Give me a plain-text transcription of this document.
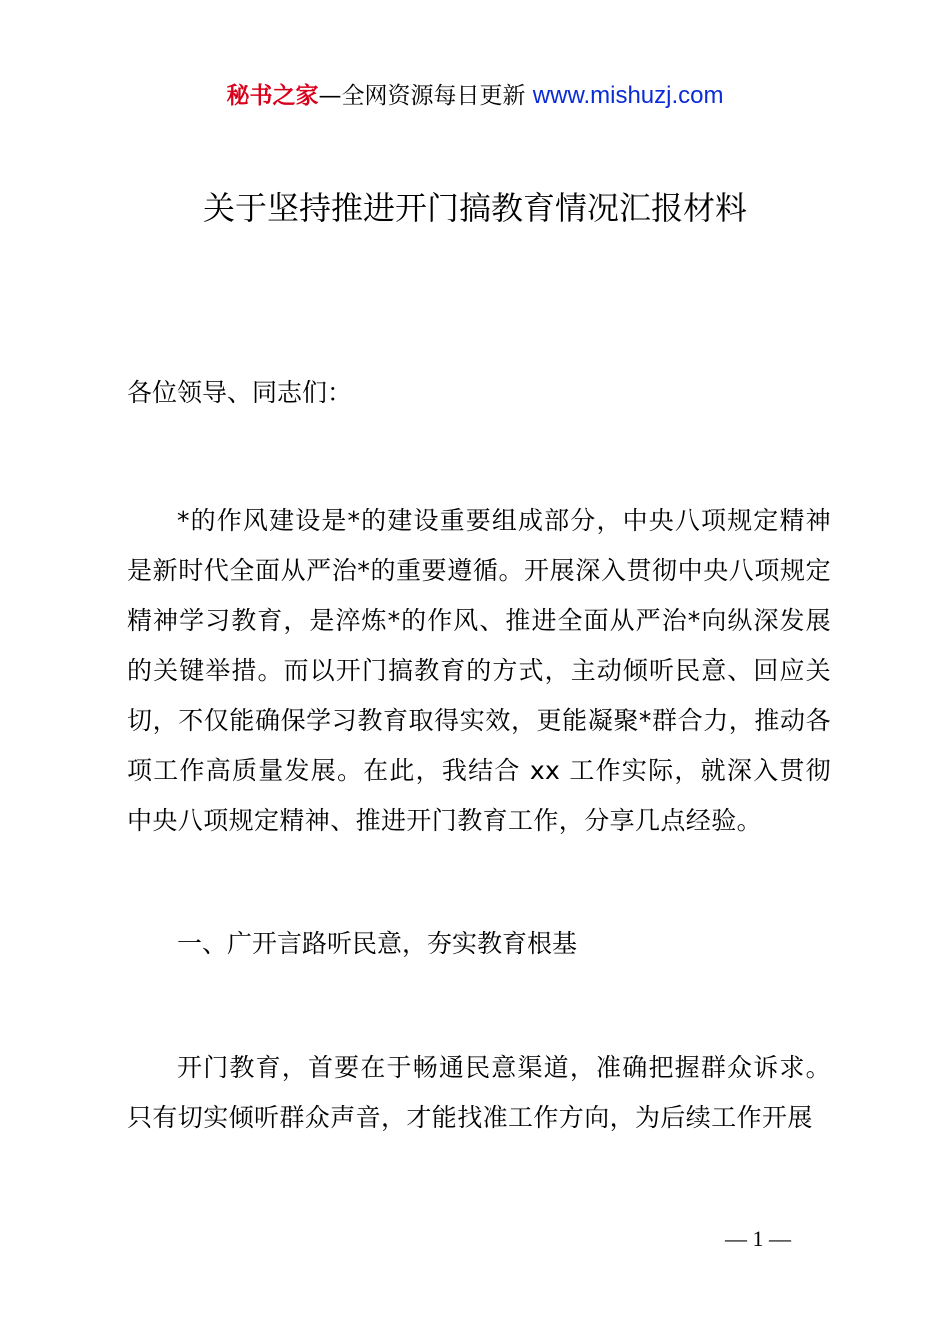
秘书之家—全网资源每日更新 www.mishuzj.com
关于坚持推进开门搞教育情况汇报材料

各位领导、同志们：

*的作风建设是*的建设重要组成部分，中央八项规定精神是新时代全面从严治*的重要遵循。开展深入贯彻中央八项规定精神学习教育，是淬炼*的作风、推进全面从严治*向纵深发展的关键举措。而以开门搞教育的方式，主动倾听民意、回应关切，不仅能确保学习教育取得实效，更能凝聚*群合力，推动各项工作高质量发展。在此，我结合 xx 工作实际，就深入贯彻中央八项规定精神、推进开门教育工作，分享几点经验。

一、广开言路听民意，夯实教育根基

开门教育，首要在于畅通民意渠道，准确把握群众诉求。只有切实倾听群众声音，才能找准工作方向，为后续工作开展

— 1 —
